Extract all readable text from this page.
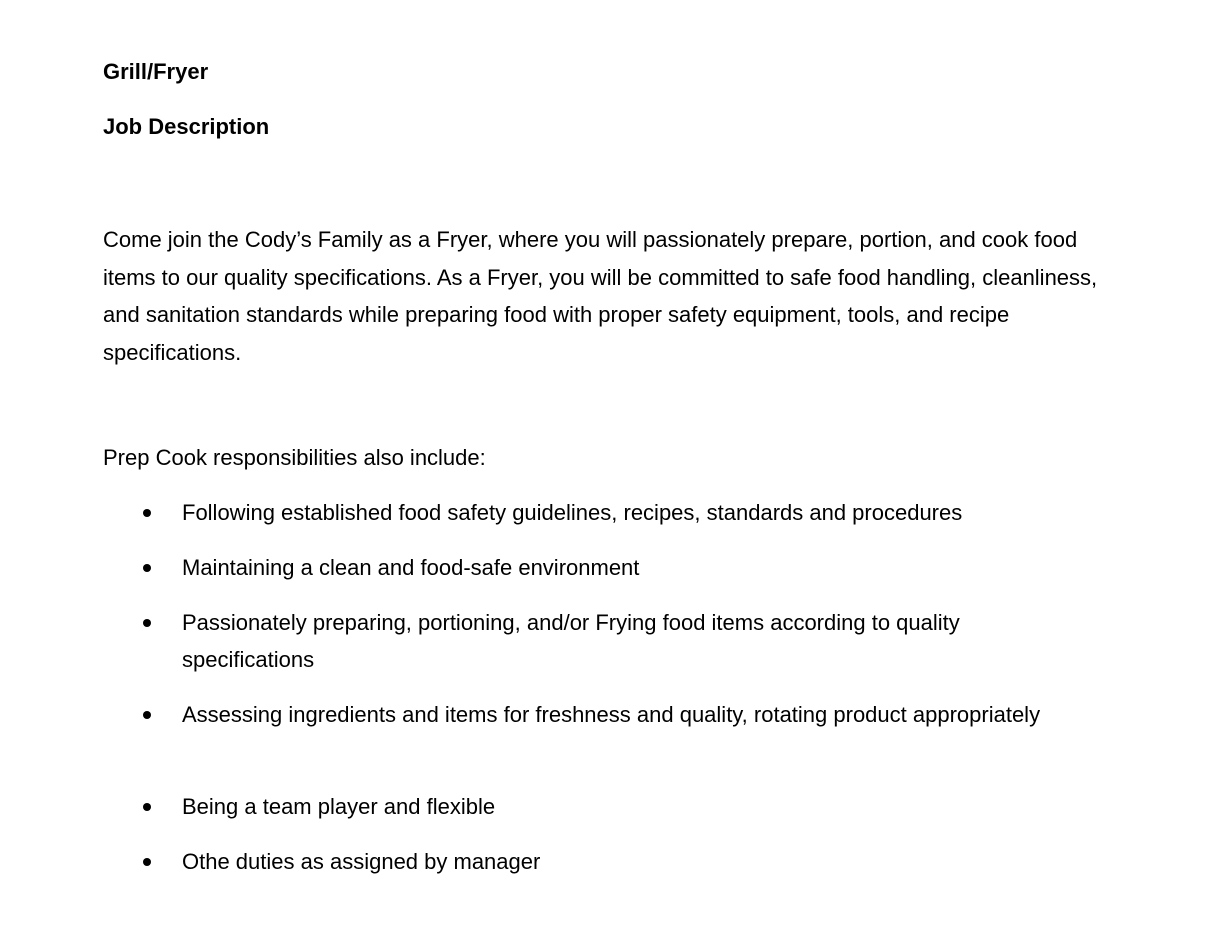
Grill/Fryer
Job Description

Come join the Cody’s Family as a Fryer, where you will passionately prepare, portion, and cook food items to our quality specifications. As a Fryer, you will be committed to safe food handling, cleanliness, and sanitation standards while preparing food with proper safety equipment, tools, and recipe specifications.

Prep Cook responsibilities also include:
Following established food safety guidelines, recipes, standards and procedures
Maintaining a clean and food-safe environment
Passionately preparing, portioning, and/or Frying food items according to quality specifications
Assessing ingredients and items for freshness and quality, rotating product appropriately
Being a team player and flexible
Othe duties as assigned by manager
